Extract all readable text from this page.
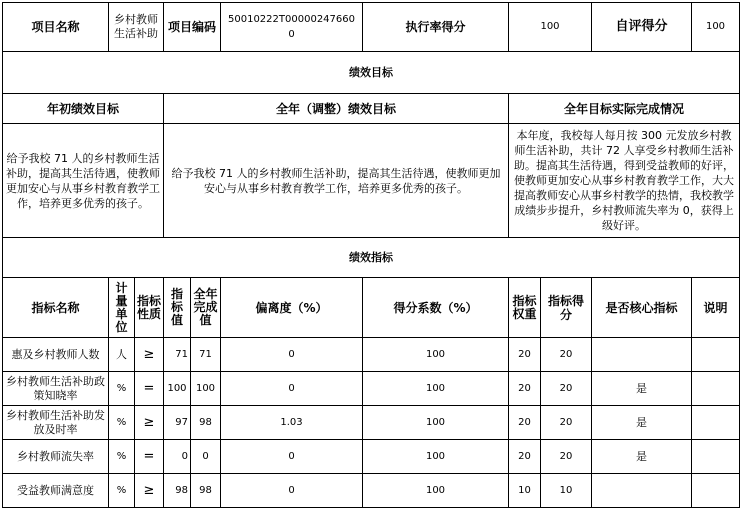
项目名称	乡村教师生活补助		项目编码
50010222T000002476600			执行率得分	100		自评得分	100
绩效目标										
年初绩效目标			全年（调整）绩效目标				全年目标实际完成情况			
给予我校 71 人的乡村教师生活补助，提高其生活待遇，使教师更加安心与从事乡村教育教学工作，培养更多优秀的孩子。			给予我校 71 人的乡村教师生活补助，提高其生活待遇，使教师更加安心与从事乡村教育教学工作，培养更多优秀的孩子。				本年度，我校每人每月按 300 元发放乡村教师生活补助，共计 72 人享受乡村教师生活补助。提高其生活待遇，得到受益教师的好评，使教师更加安心从事乡村教育教学工作，大大提高教师安心从事乡村教学的热情，我校教学成绩步步提升，乡村教师流失率为 0，获得上级好评。			
绩效指标										
指标名称	计量单位	指标性质	指标值	全年完成值	偏离度（%）	得分系数（%）	指标权重	指标得分	是否核心指标	说明
惠及乡村教师人数	人	≥	71	71	0	100	20	20		
乡村教师生活补助政策知晓率	%	=	100	100	0	100	20	20	是	
乡村教师生活补助发放及时率	%	≥	97	98	1.03	100	20	20	是	
乡村教师流失率	%	=	0	0	0	100	20	20	是	
受益教师满意度	%	≥	98	98	0	100	10	10		
